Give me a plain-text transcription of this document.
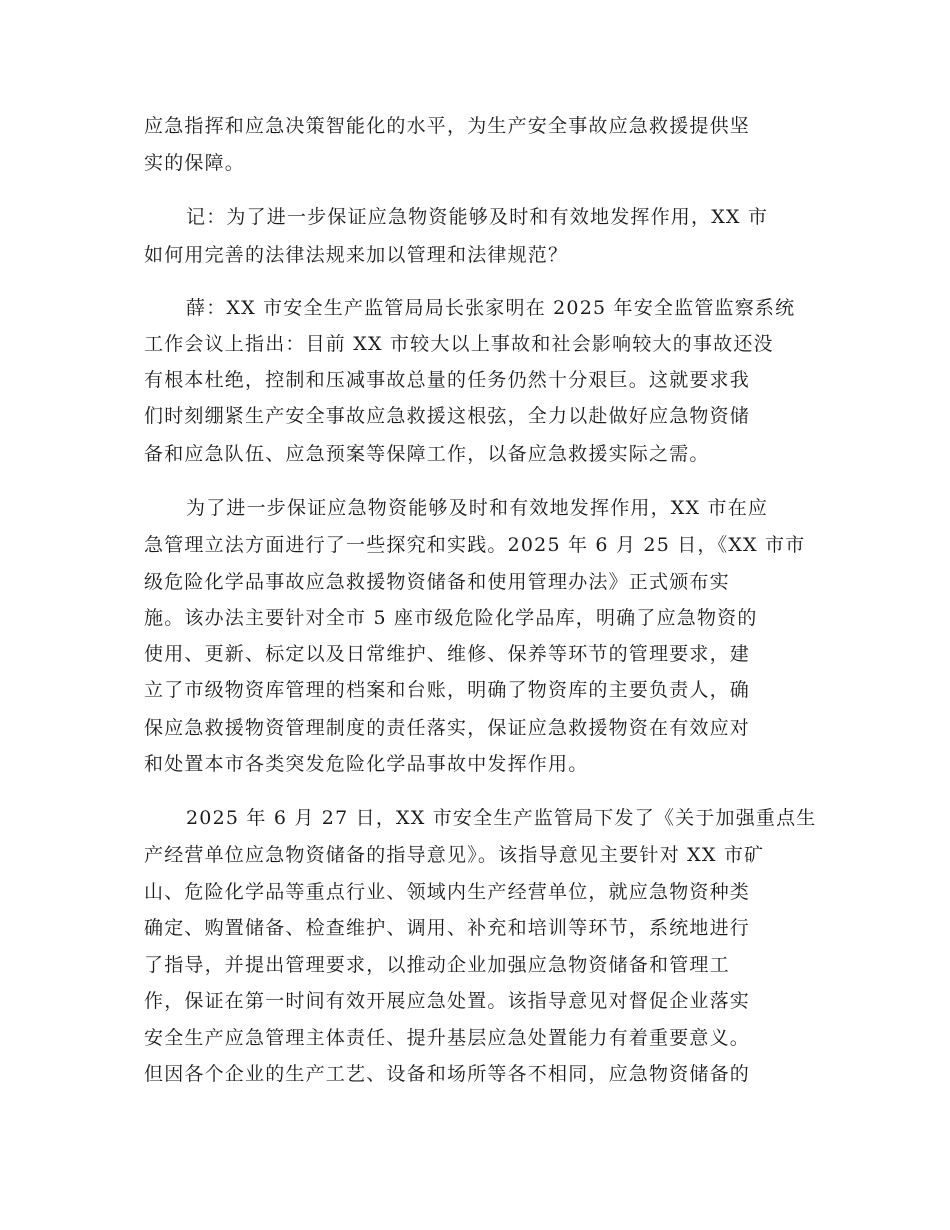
应急指挥和应急决策智能化的水平，为生产安全事故应急救援提供坚

实的保障。

记：为了进一步保证应急物资能够及时和有效地发挥作用，XX 市

如何用完善的法律法规来加以管理和法律规范？

薛：XX 市安全生产监管局局长张家明在 2025 年安全监管监察系统

工作会议上指出：目前 XX 市较大以上事故和社会影响较大的事故还没

有根本杜绝，控制和压减事故总量的任务仍然十分艰巨。这就要求我

们时刻绷紧生产安全事故应急救援这根弦，全力以赴做好应急物资储

备和应急队伍、应急预案等保障工作，以备应急救援实际之需。

为了进一步保证应急物资能够及时和有效地发挥作用，XX 市在应

急管理立法方面进行了一些探究和实践。2025 年 6 月 25 日，《XX 市市

级危险化学品事故应急救援物资储备和使用管理办法》正式颁布实

施。该办法主要针对全市 5 座市级危险化学品库，明确了应急物资的

使用、更新、标定以及日常维护、维修、保养等环节的管理要求，建

立了市级物资库管理的档案和台账，明确了物资库的主要负责人，确

保应急救援物资管理制度的责任落实，保证应急救援物资在有效应对

和处置本市各类突发危险化学品事故中发挥作用。

2025 年 6 月 27 日，XX 市安全生产监管局下发了《关于加强重点生

产经营单位应急物资储备的指导意见》。该指导意见主要针对 XX 市矿

山、危险化学品等重点行业、领域内生产经营单位，就应急物资种类

确定、购置储备、检查维护、调用、补充和培训等环节，系统地进行

了指导，并提出管理要求，以推动企业加强应急物资储备和管理工

作，保证在第一时间有效开展应急处置。该指导意见对督促企业落实

安全生产应急管理主体责任、提升基层应急处置能力有着重要意义。

但因各个企业的生产工艺、设备和场所等各不相同，应急物资储备的
